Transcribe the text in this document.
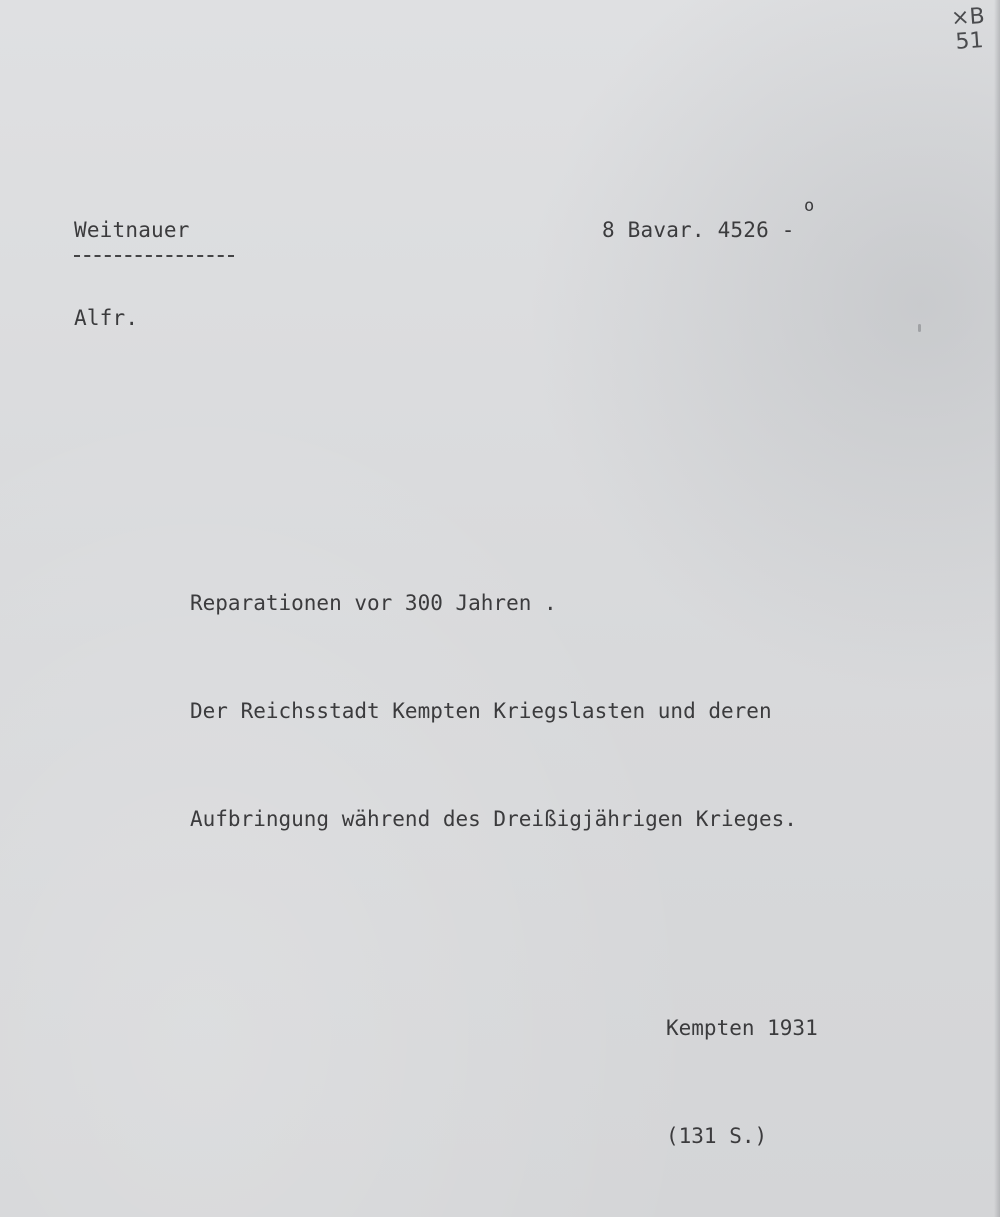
×B
51

Weitnauer

Alfr.

o

8 Bavar. 4526 -

Reparationen vor 300 Jahren .

Der Reichsstadt Kempten Kriegslasten und deren

Aufbringung während des Dreißigjährigen Krieges.

Kempten 1931

(131 S.)
